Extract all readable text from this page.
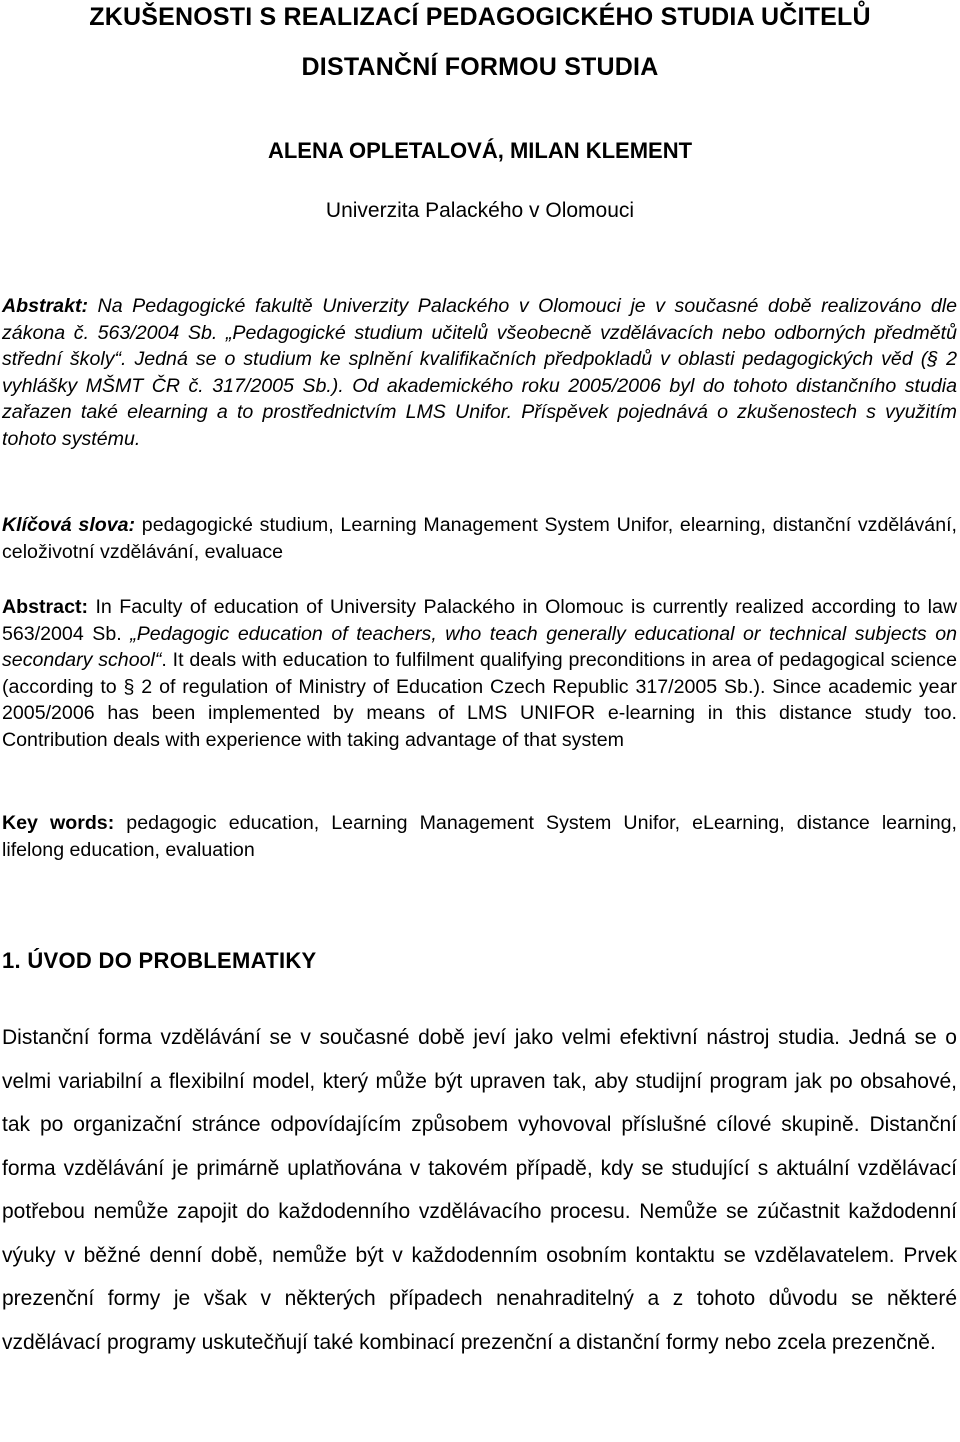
ZKUŠENOSTI S REALIZACÍ PEDAGOGICKÉHO STUDIA UČITELŮ
DISTANČNÍ FORMOU STUDIA

ALENA OPLETALOVÁ, MILAN KLEMENT

Univerzita Palackého v Olomouci

Abstrakt: Na Pedagogické fakultě Univerzity Palackého v Olomouci je v současné době realizováno dle zákona č. 563/2004 Sb. „Pedagogické studium učitelů všeobecně vzdělávacích nebo odborných předmětů střední školy“. Jedná se o studium ke splnění kvalifikačních předpokladů v oblasti pedagogických věd (§ 2 vyhlášky MŠMT ČR č. 317/2005 Sb.). Od akademického roku 2005/2006 byl do tohoto distančního studia zařazen také elearning a to prostřednictvím LMS Unifor. Příspěvek pojednává o zkušenostech s využitím tohoto systému.

Klíčová slova: pedagogické studium, Learning Management System Unifor, elearning, distanční vzdělávání, celoživotní vzdělávání, evaluace

Abstract: In Faculty of education of University Palackého in Olomouc is currently realized according to law 563/2004 Sb. „Pedagogic education of teachers, who teach generally educational or technical subjects on secondary school“. It deals with education to fulfilment qualifying preconditions in area of pedagogical science (according to § 2 of regulation of Ministry of Education Czech Republic 317/2005 Sb.). Since academic year 2005/2006 has been implemented by means of LMS UNIFOR e-learning in this distance study too. Contribution deals with experience with taking advantage of that system

Key words: pedagogic education, Learning Management System Unifor, eLearning, distance learning, lifelong education, evaluation

1. ÚVOD DO PROBLEMATIKY

Distanční forma vzdělávání se v současné době jeví jako velmi efektivní nástroj studia. Jedná se o velmi variabilní a flexibilní model, který může být upraven tak, aby studijní program jak po obsahové, tak po organizační stránce odpovídajícím způsobem vyhovoval příslušné cílové skupině. Distanční forma vzdělávání je primárně uplatňována v takovém případě, kdy se studující s aktuální vzdělávací potřebou nemůže zapojit do každodenního vzdělávacího procesu. Nemůže se zúčastnit každodenní výuky v běžné denní době, nemůže být v každodenním osobním kontaktu se vzdělavatelem. Prvek prezenční formy je však v některých případech nenahraditelný a z tohoto důvodu se některé vzdělávací programy uskutečňují také kombinací prezenční a distanční formy nebo zcela prezenčně.
